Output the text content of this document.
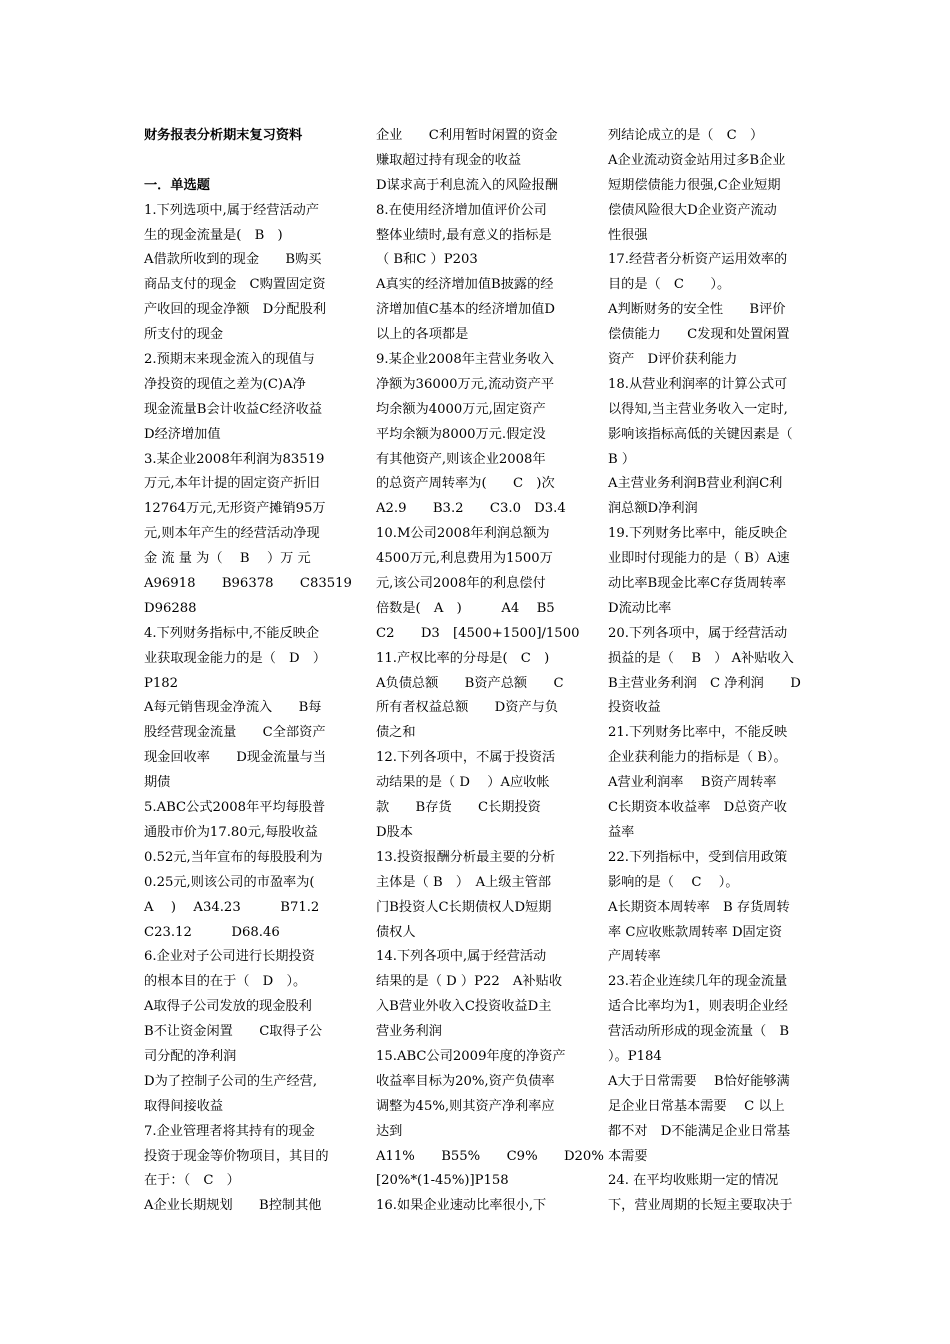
财务报表分析期末复习资料
一．单选题
1.下列选项中,属于经营活动产
生的现金流量是(　B　)
A借款所收到的现金　　B购买
商品支付的现金　C购置固定资
产收回的现金净额　D分配股利
所支付的现金
2.预期末来现金流入的现值与
净投资的现值之差为(C)A净
现金流量B会计收益C经济收益
D经济增加值
3.某企业2008年利润为83519
万元,本年计提的固定资产折旧
12764万元,无形资产摊销95万
元,则本年产生的经营活动净现
金 流 量 为（　 B　 ）万 元
A96918　　B96378　　C83519
D96288
4.下列财务指标中,不能反映企
业获取现金能力的是（　D　）
P182
A每元销售现金净流入　　B每
股经营现金流量　　C全部资产
现金回收率　　D现金流量与当
期债
5.ABC公式2008年平均每股普
通股市价为17.80元,每股收益
0.52元,当年宣布的每股股利为
0.25元,则该公司的市盈率为(
A　 )　 A34.23　　　B71.2
C23.12　　　D68.46
6.企业对子公司进行长期投资
的根本目的在于（　D　）。
A取得子公司发放的现金股利
B不让资金闲置　　C取得子公
司分配的净利润
D为了控制子公司的生产经营,
取得间接收益
7.企业管理者将其持有的现金
投资于现金等价物项目，其目的
在于：（　C　）
A企业长期规划　　B控制其他
企业　　C利用暂时闲置的资金
赚取超过持有现金的收益
D谋求高于利息流入的风险报酬
8.在使用经济增加值评价公司
整体业绩时,最有意义的指标是
（ B和C ）P203
A真实的经济增加值B披露的经
济增加值C基本的经济增加值D
以上的各项都是
9.某企业2008年主营业务收入
净额为36000万元,流动资产平
均余额为4000万元,固定资产
平均余额为8000万元.假定没
有其他资产,则该企业2008年
的总资产周转率为(　　C　)次
A2.9　　B3.2　　C3.0　D3.4
10.M公司2008年利润总额为
4500万元,利息费用为1500万
元,该公司2008年的利息偿付
倍数是(　A　)　　　A4　 B5
C2　　D3　[4500+1500]/1500
11.产权比率的分母是(　C　)
A负债总额　　B资产总额　　C
所有者权益总额　　D资产与负
债之和
12.下列各项中，不属于投资活
动结果的是（ D 　）A应收帐
款　　B存货　　C长期投资
D股本
13.投资报酬分析最主要的分析
主体是（ B　）　A上级主管部
门B投资人C长期债权人D短期
债权人
14.下列各项中,属于经营活动
结果的是（ D ）P22　A补贴收
入B营业外收入C投资收益D主
营业务利润
15.ABC公司2009年度的净资产
收益率目标为20%,资产负债率
调整为45%,则其资产净利率应
达到
A11%　　B55%　　C9%　　D20%
[20%*(1-45%)]P158
16.如果企业速动比率很小,下
列结论成立的是（　C　）
A企业流动资金站用过多B企业
短期偿债能力很强,C企业短期
偿债风险很大D企业资产流动
性很强
17.经营者分析资产运用效率的
目的是（　C　　）。
A判断财务的安全性　　B评价
偿债能力　　C发现和处置闲置
资产　D评价获利能力
18.从营业利润率的计算公式可
以得知,当主营业务收入一定时,
影响该指标高低的关键因素是（
B ）
A主营业务利润B营业利润C利
润总额D净利润
19.下列财务比率中，能反映企
业即时付现能力的是（ B）A速
动比率B现金比率C存货周转率
D流动比率
20.下列各项中，属于经营活动
损益的是（　 B　） A补贴收入
B主营业务利润　C 净利润　　D
投资收益
21.下列财务比率中，不能反映
企业获利能力的指标是（ B）。
A营业利润率　 B资产周转率
C长期资本收益率　D总资产收
益率
22.下列指标中，受到信用政策
影响的是（　 C　 ）。
A长期资本周转率　B 存货周转
率 C应收账款周转率 D固定资
产周转率
23.若企业连续几年的现金流量
适合比率均为1，则表明企业经
营活动所形成的现金流量（　B
）。P184
A大于日常需要　 B恰好能够满
足企业日常基本需要　 C 以上
都不对　D不能满足企业日常基
本需要
24. 在平均收账期一定的情况
下，营业周期的长短主要取决于
